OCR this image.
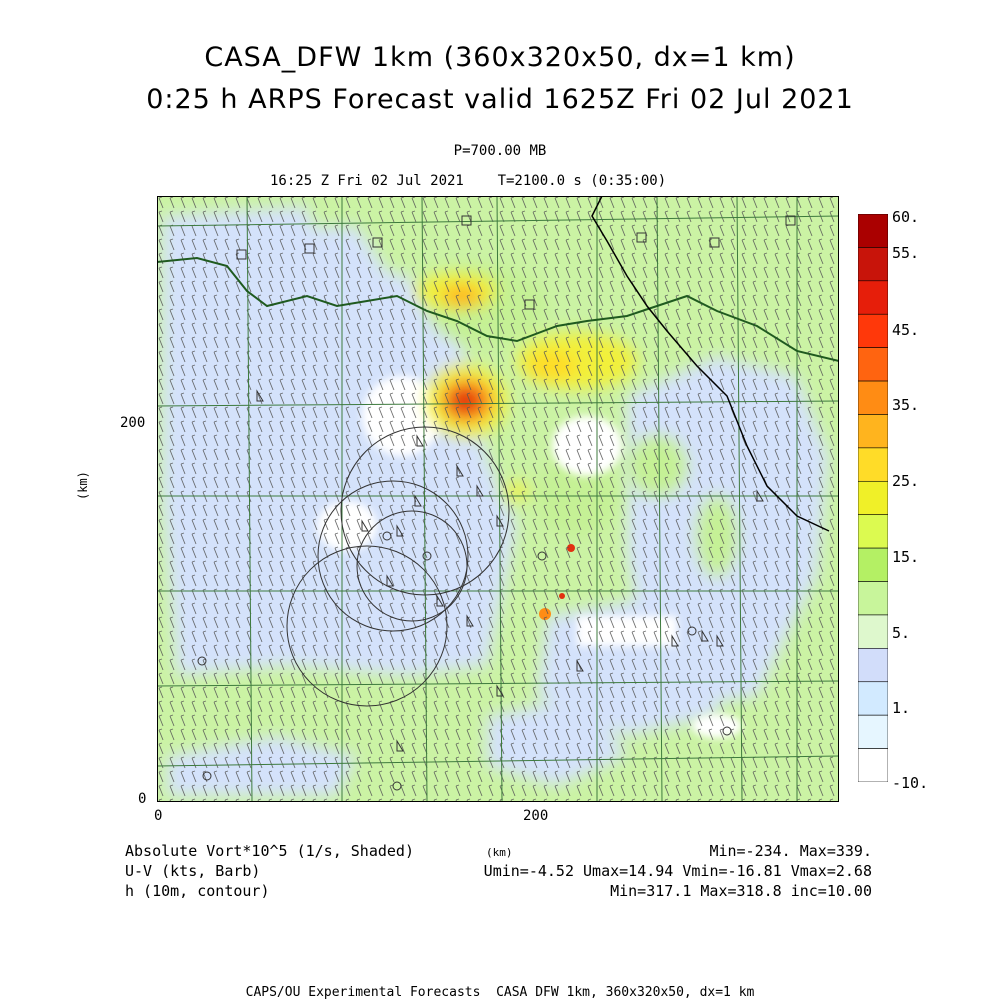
CASA_DFW 1km (360x320x50, dx=1 km)
0:25 h ARPS Forecast valid 1625Z Fri 02 Jul 2021
P=700.00 MB
16:25 Z Fri 02 Jul 2021    T=2100.0 s (0:35:00)
200
0
0	200
(km)
60.
55.
45.
35.
25.
15.
5.
1.
-10.
Absolute Vort*10^5 (1/s, Shaded)	(km)	Min=-234. Max=339.
U-V (kts, Barb)	Umin=-4.52 Umax=14.94 Vmin=-16.81 Vmax=2.68
h (10m, contour)	Min=317.1 Max=318.8 inc=10.00
CAPS/OU Experimental Forecasts  CASA DFW 1km, 360x320x50, dx=1 km
